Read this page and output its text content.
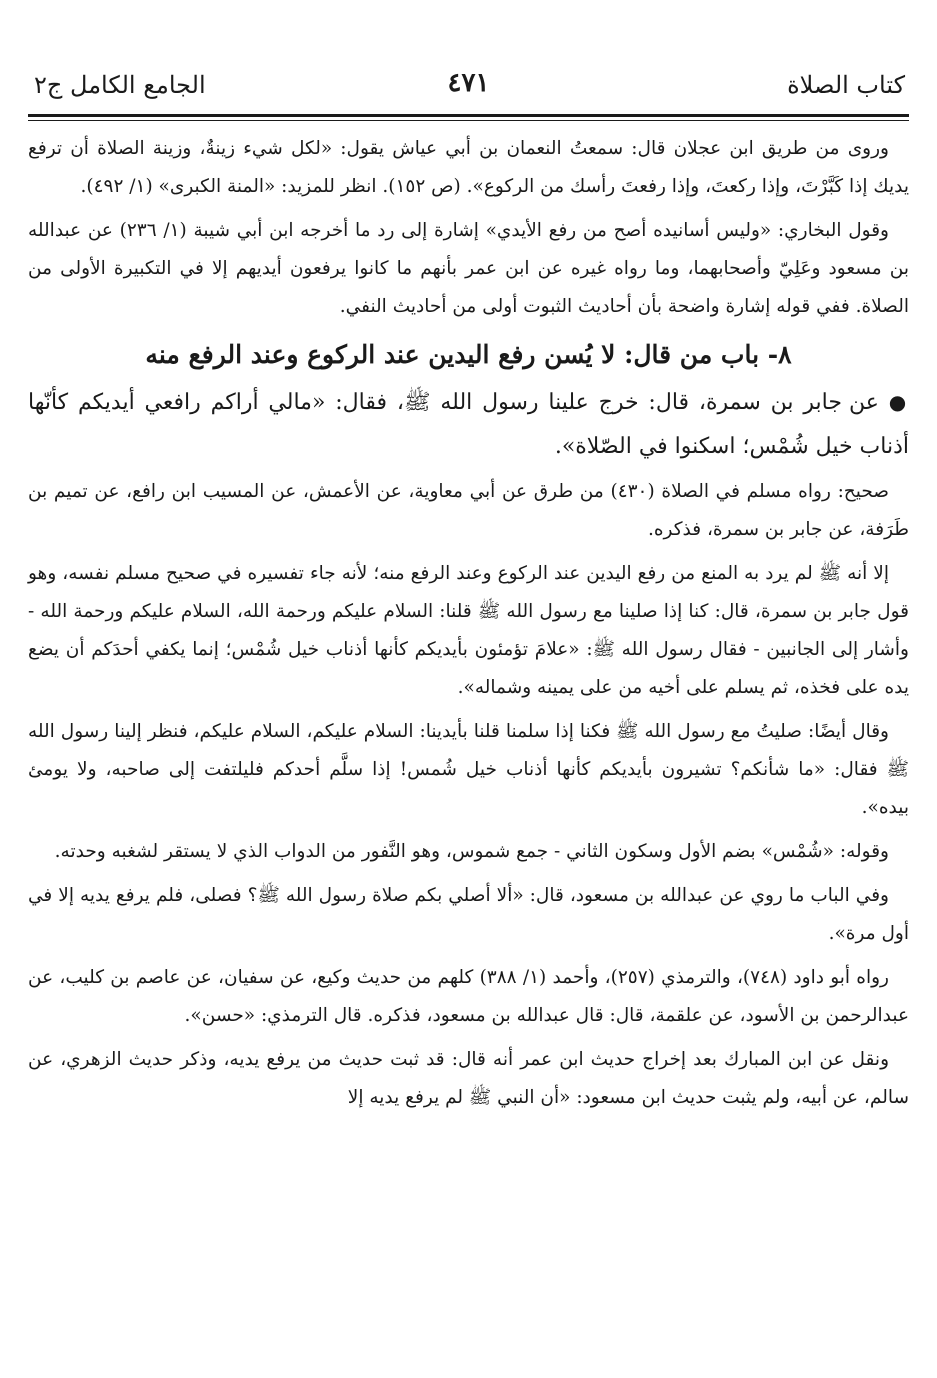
كتاب الصلاة
٤٧١
الجامع الكامل ج٢

وروى من طريق ابن عجلان قال: سمعتُ النعمان بن أبي عياش يقول: «لكل شيء زينةٌ، وزينة الصلاة أن ترفع يديك إذا كَبَّرْتَ، وإذا ركعتَ، وإذا رفعتَ رأسك من الركوع». (ص ١٥٢). انظر للمزيد: «المنة الكبرى» (١/ ٤٩٢).

وقول البخاري: «وليس أسانيده أصح من رفع الأيدي» إشارة إلى رد ما أخرجه ابن أبي شيبة (١/ ٢٣٦) عن عبدالله بن مسعود وعَلِيّ وأصحابهما، وما رواه غيره عن ابن عمر بأنهم ما كانوا يرفعون أيديهم إلا في التكبيرة الأولى من الصلاة. ففي قوله إشارة واضحة بأن أحاديث الثبوت أولى من أحاديث النفي.

٨- باب من قال: لا يُسن رفع اليدين عند الركوع وعند الرفع منه

● عن جابر بن سمرة، قال: خرج علينا رسول الله ﷺ، فقال: «مالي أراكم رافعي أيديكم كأنّها أذناب خيل شُمْس؛ اسكنوا في الصّلاة».

صحيح: رواه مسلم في الصلاة (٤٣٠) من طرق عن أبي معاوية، عن الأعمش، عن المسيب ابن رافع، عن تميم بن طَرَفة، عن جابر بن سمرة، فذكره.

إلا أنه ﷺ لم يرد به المنع من رفع اليدين عند الركوع وعند الرفع منه؛ لأنه جاء تفسيره في صحيح مسلم نفسه، وهو قول جابر بن سمرة، قال: كنا إذا صلينا مع رسول الله ﷺ قلنا: السلام عليكم ورحمة الله، السلام عليكم ورحمة الله - وأشار إلى الجانبين - فقال رسول الله ﷺ: «علامَ تؤمئون بأيديكم كأنها أذناب خيل شُمْس؛ إنما يكفي أحدَكم أن يضع يده على فخذه، ثم يسلم على أخيه من على يمينه وشماله».

وقال أيضًا: صليتُ مع رسول الله ﷺ فكنا إذا سلمنا قلنا بأيدينا: السلام عليكم، السلام عليكم، فنظر إلينا رسول الله ﷺ فقال: «ما شأنكم؟ تشيرون بأيديكم كأنها أذناب خيل شُمس! إذا سلَّم أحدكم فليلتفت إلى صاحبه، ولا يومئ بيده».

وقوله: «شُمْس» بضم الأول وسكون الثاني - جمع شموس، وهو النَّفور من الدواب الذي لا يستقر لشغبه وحدته.

وفي الباب ما روي عن عبدالله بن مسعود، قال: «ألا أصلي بكم صلاة رسول الله ﷺ؟ فصلى، فلم يرفع يديه إلا في أول مرة».

رواه أبو داود (٧٤٨)، والترمذي (٢٥٧)، وأحمد (١/ ٣٨٨) كلهم من حديث وكيع، عن سفيان، عن عاصم بن كليب، عن عبدالرحمن بن الأسود، عن علقمة، قال: قال عبدالله بن مسعود، فذكره. قال الترمذي: «حسن».

ونقل عن ابن المبارك بعد إخراج حديث ابن عمر أنه قال: قد ثبت حديث من يرفع يديه، وذكر حديث الزهري، عن سالم، عن أبيه، ولم يثبت حديث ابن مسعود: «أن النبي ﷺ لم يرفع يديه إلا
